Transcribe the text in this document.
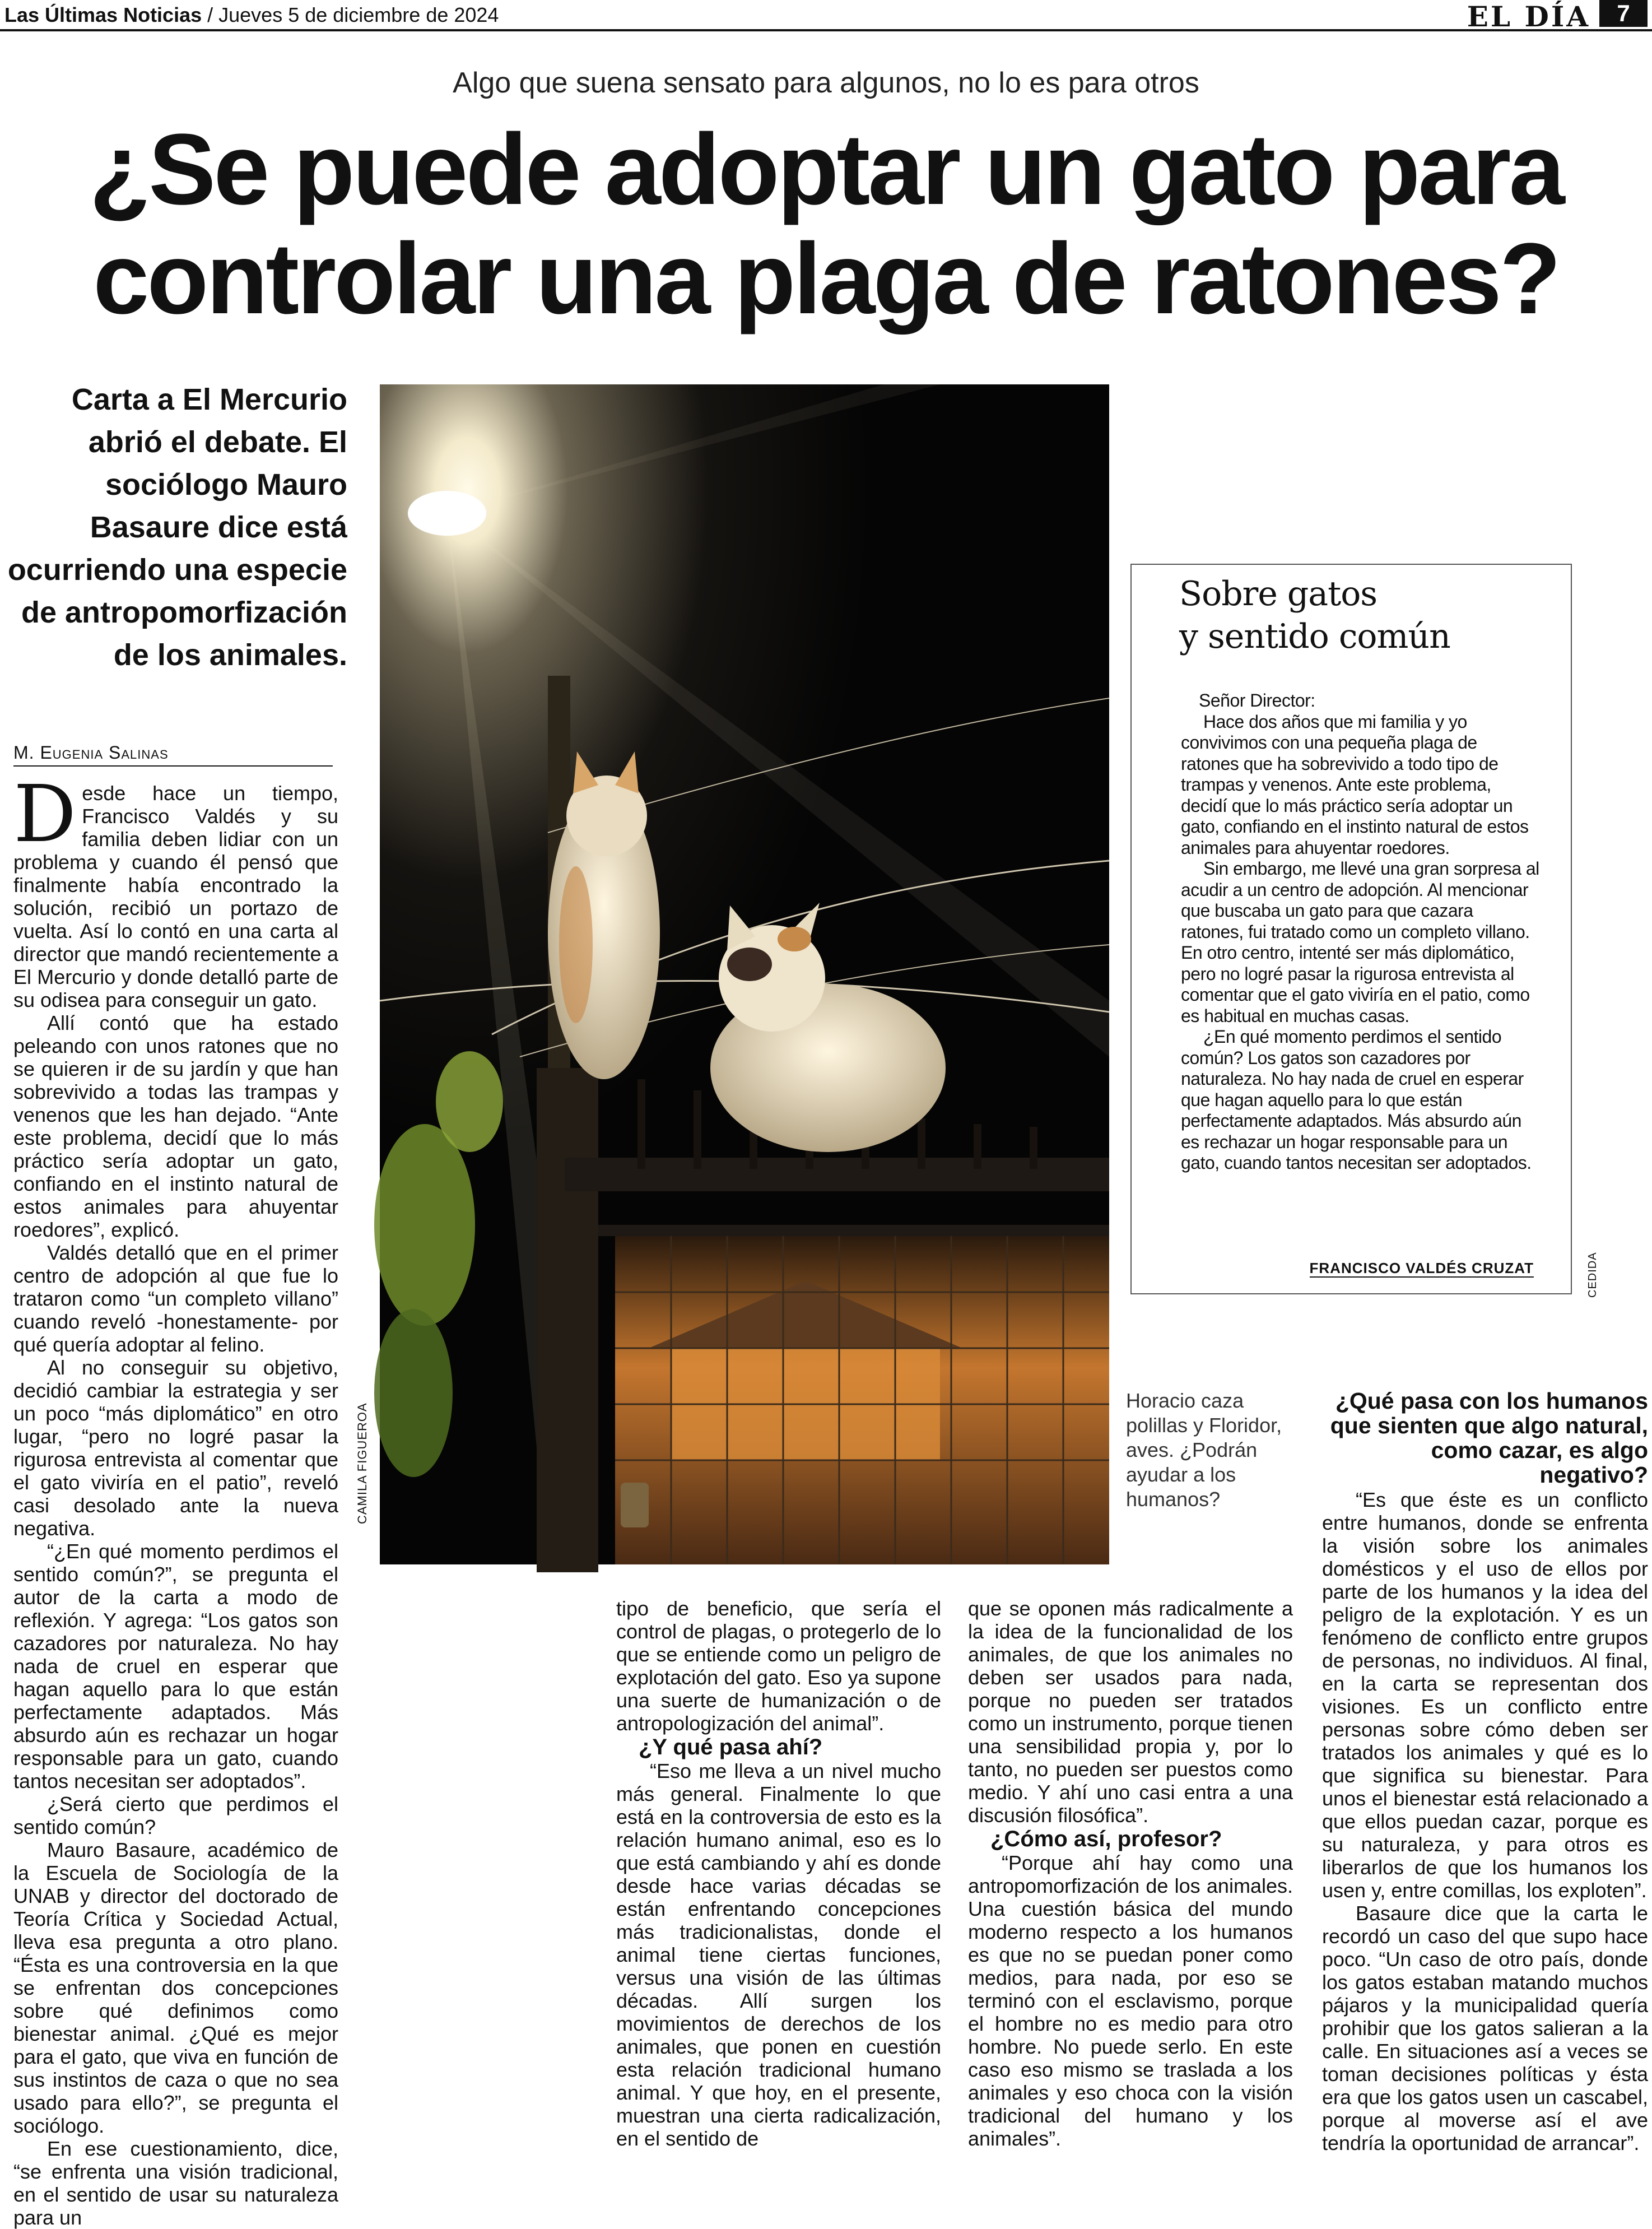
Las Últimas Noticias / Jueves 5 de diciembre de 2024	EL DÍA	7
Algo que suena sensato para algunos, no lo es para otros
¿Se puede adoptar un gato para
controlar una plaga de ratones?
Carta a El Mercurio abrió el debate. El sociólogo Mauro Basaure dice está ocurriendo una especie de antropomorfización de los animales.
M. Eugenia Salinas

Desde hace un tiempo, Francisco Valdés y su familia deben lidiar con un problema y cuando él pensó que finalmente había encontrado la solución, recibió un portazo de vuelta. Así lo contó en una carta al director que mandó recientemente a El Mercurio y donde detalló parte de su odisea para conseguir un gato.

Allí contó que ha estado peleando con unos ratones que no se quieren ir de su jardín y que han sobrevivido a todas las trampas y venenos que les han dejado. “Ante este problema, decidí que lo más práctico sería adoptar un gato, confiando en el instinto natural de estos animales para ahuyentar roedores”, explicó.

Valdés detalló que en el primer centro de adopción al que fue lo trataron como “un completo villano” cuando reveló -honestamente- por qué quería adoptar al felino.

Al no conseguir su objetivo, decidió cambiar la estrategia y ser un poco “más diplomático” en otro lugar, “pero no logré pasar la rigurosa entrevista al comentar que el gato viviría en el patio”, reveló casi desolado ante la nueva negativa.

“¿En qué momento perdimos el sentido común?”, se pregunta el autor de la carta a modo de reflexión. Y agrega: “Los gatos son cazadores por naturaleza. No hay nada de cruel en esperar que hagan aquello para lo que están perfectamente adaptados. Más absurdo aún es rechazar un hogar responsable para un gato, cuando tantos necesitan ser adoptados”.

¿Será cierto que perdimos el sentido común?

Mauro Basaure, académico de la Escuela de Sociología de la UNAB y director del doctorado de Teoría Crítica y Sociedad Actual, lleva esa pregunta a otro plano. “Ésta es una controversia en la que se enfrentan dos concepciones sobre qué definimos como bienestar animal. ¿Qué es mejor para el gato, que viva en función de sus instintos de caza o que no sea usado para ello?”, se pregunta el sociólogo.

En ese cuestionamiento, dice, “se enfrenta una visión tradicional, en el sentido de usar su naturaleza para un

CAMILA FIGUEROA
Horacio caza polillas y Floridor, aves. ¿Podrán ayudar a los humanos?
Sobre gatos
y sentido común

Señor Director:

Hace dos años que mi familia y yo convivimos con una pequeña plaga de ratones que ha sobrevivido a todo tipo de trampas y venenos. Ante este problema, decidí que lo más práctico sería adoptar un gato, confiando en el instinto natural de estos animales para ahuyentar roedores.

Sin embargo, me llevé una gran sorpresa al acudir a un centro de adopción. Al mencionar que buscaba un gato para que cazara ratones, fui tratado como un completo villano. En otro centro, intenté ser más diplomático, pero no logré pasar la rigurosa entrevista al comentar que el gato viviría en el patio, como es habitual en muchas casas.

¿En qué momento perdimos el sentido común? Los gatos son cazadores por naturaleza. No hay nada de cruel en esperar que hagan aquello para lo que están perfectamente adaptados. Más absurdo aún es rechazar un hogar responsable para un gato, cuando tantos necesitan ser adoptados.

FRANCISCO VALDÉS CRUZAT	CEDIDA

tipo de beneficio, que sería el control de plagas, o protegerlo de lo que se entiende como un peligro de explotación del gato. Eso ya supone una suerte de humanización o de antropologización del animal”.

¿Y qué pasa ahí?

“Eso me lleva a un nivel mucho más general. Finalmente lo que está en la controversia de esto es la relación humano animal, eso es lo que está cambiando y ahí es donde desde hace varias décadas se están enfrentando concepciones más tradicionalistas, donde el animal tiene ciertas funciones, versus una visión de las últimas décadas. Allí surgen los movimientos de derechos de los animales, que ponen en cuestión esta relación tradicional humano animal. Y que hoy, en el presente, muestran una cierta radicalización, en el sentido de

que se oponen más radicalmente a la idea de la funcionalidad de los animales, de que los animales no deben ser usados para nada, porque no pueden ser tratados como un instrumento, porque tienen una sensibilidad propia y, por lo tanto, no pueden ser puestos como medio. Y ahí uno casi entra a una discusión filosófica”.

¿Cómo así, profesor?

“Porque ahí hay como una antropomorfización de los animales. Una cuestión básica del mundo moderno respecto a los humanos es que no se puedan poner como medios, para nada, por eso se terminó con el esclavismo, porque el hombre no es medio para otro hombre. No puede serlo. En este caso eso mismo se traslada a los animales y eso choca con la visión tradicional del humano y los animales”.

¿Qué pasa con los humanos que sienten que algo natural, como cazar, es algo negativo?

“Es que éste es un conflicto entre humanos, donde se enfrenta la visión sobre los animales domésticos y el uso de ellos por parte de los humanos y la idea del peligro de la explotación. Y es un fenómeno de conflicto entre grupos de personas, no individuos. Al final, en la carta se representan dos visiones. Es un conflicto entre personas sobre cómo deben ser tratados los animales y qué es lo que significa su bienestar. Para unos el bienestar está relacionado a que ellos puedan cazar, porque es su naturaleza, y para otros es liberarlos de que los humanos los usen y, entre comillas, los exploten”.

Basaure dice que la carta le recordó un caso del que supo hace poco. “Un caso de otro país, donde los gatos estaban matando muchos pájaros y la municipalidad quería prohibir que los gatos salieran a la calle. En situaciones así a veces se toman decisiones políticas y ésta era que los gatos usen un cascabel, porque al moverse así el ave tendría la oportunidad de arrancar”.
